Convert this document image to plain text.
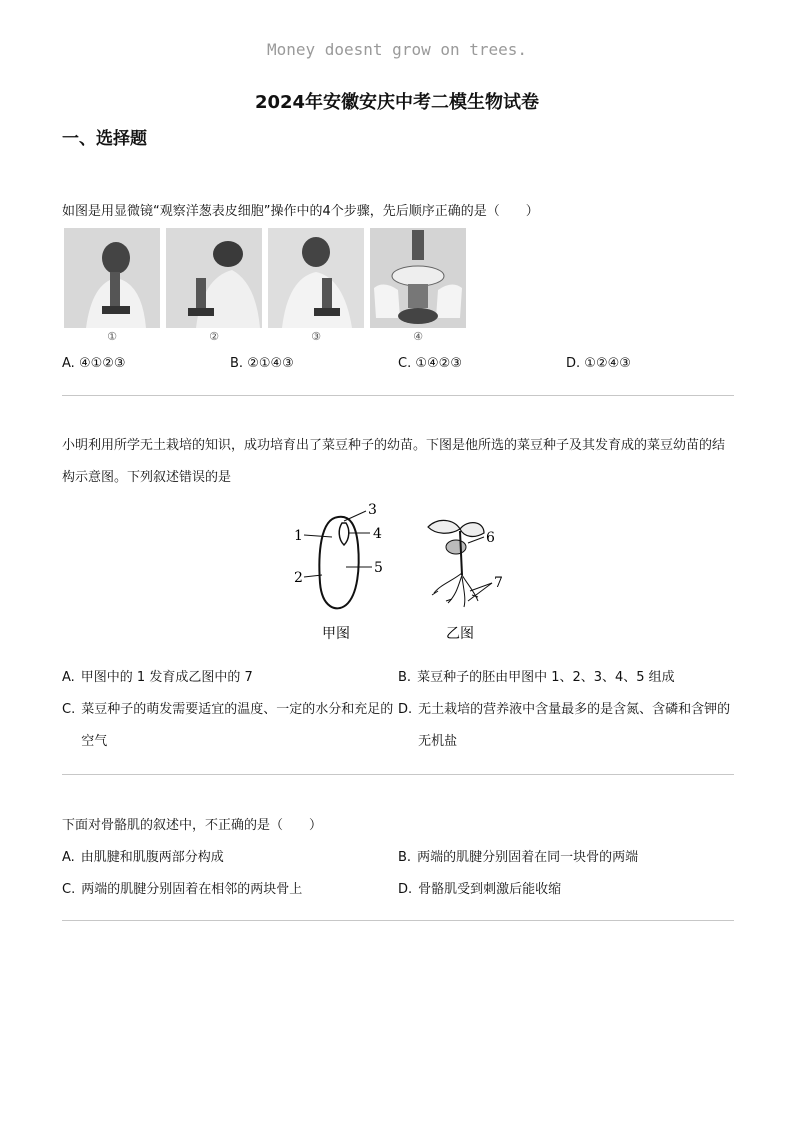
Money doesnt grow on trees.
2024年安徽安庆中考二模生物试卷
一、选择题

如图是用显微镜“观察洋葱表皮细胞”操作中的4个步骤，先后顺序正确的是（　　）

①	②	③	④
A. ④①②③	B. ②①④③	C. ①④②③	D. ①②④③

小明利用所学无土栽培的知识，成功培育出了菜豆种子的幼苗。下图是他所选的菜豆种子及其发育成的菜豆幼苗的结构示意图。下列叙述错误的是

1
2
3
4
5
6
7
甲图	乙图
A. 甲图中的 1 发育成乙图中的 7	B. 菜豆种子的胚由甲图中 1、2、3、4、5 组成
C. 菜豆种子的萌发需要适宜的温度、一定的水分和充足的空气
D. 无土栽培的营养液中含量最多的是含氮、含磷和含钾的无机盐

下面对骨骼肌的叙述中，不正确的是（　　）

A. 由肌腱和肌腹两部分构成	B. 两端的肌腱分别固着在同一块骨的两端
C. 两端的肌腱分别固着在相邻的两块骨上	D. 骨骼肌受到刺激后能收缩
